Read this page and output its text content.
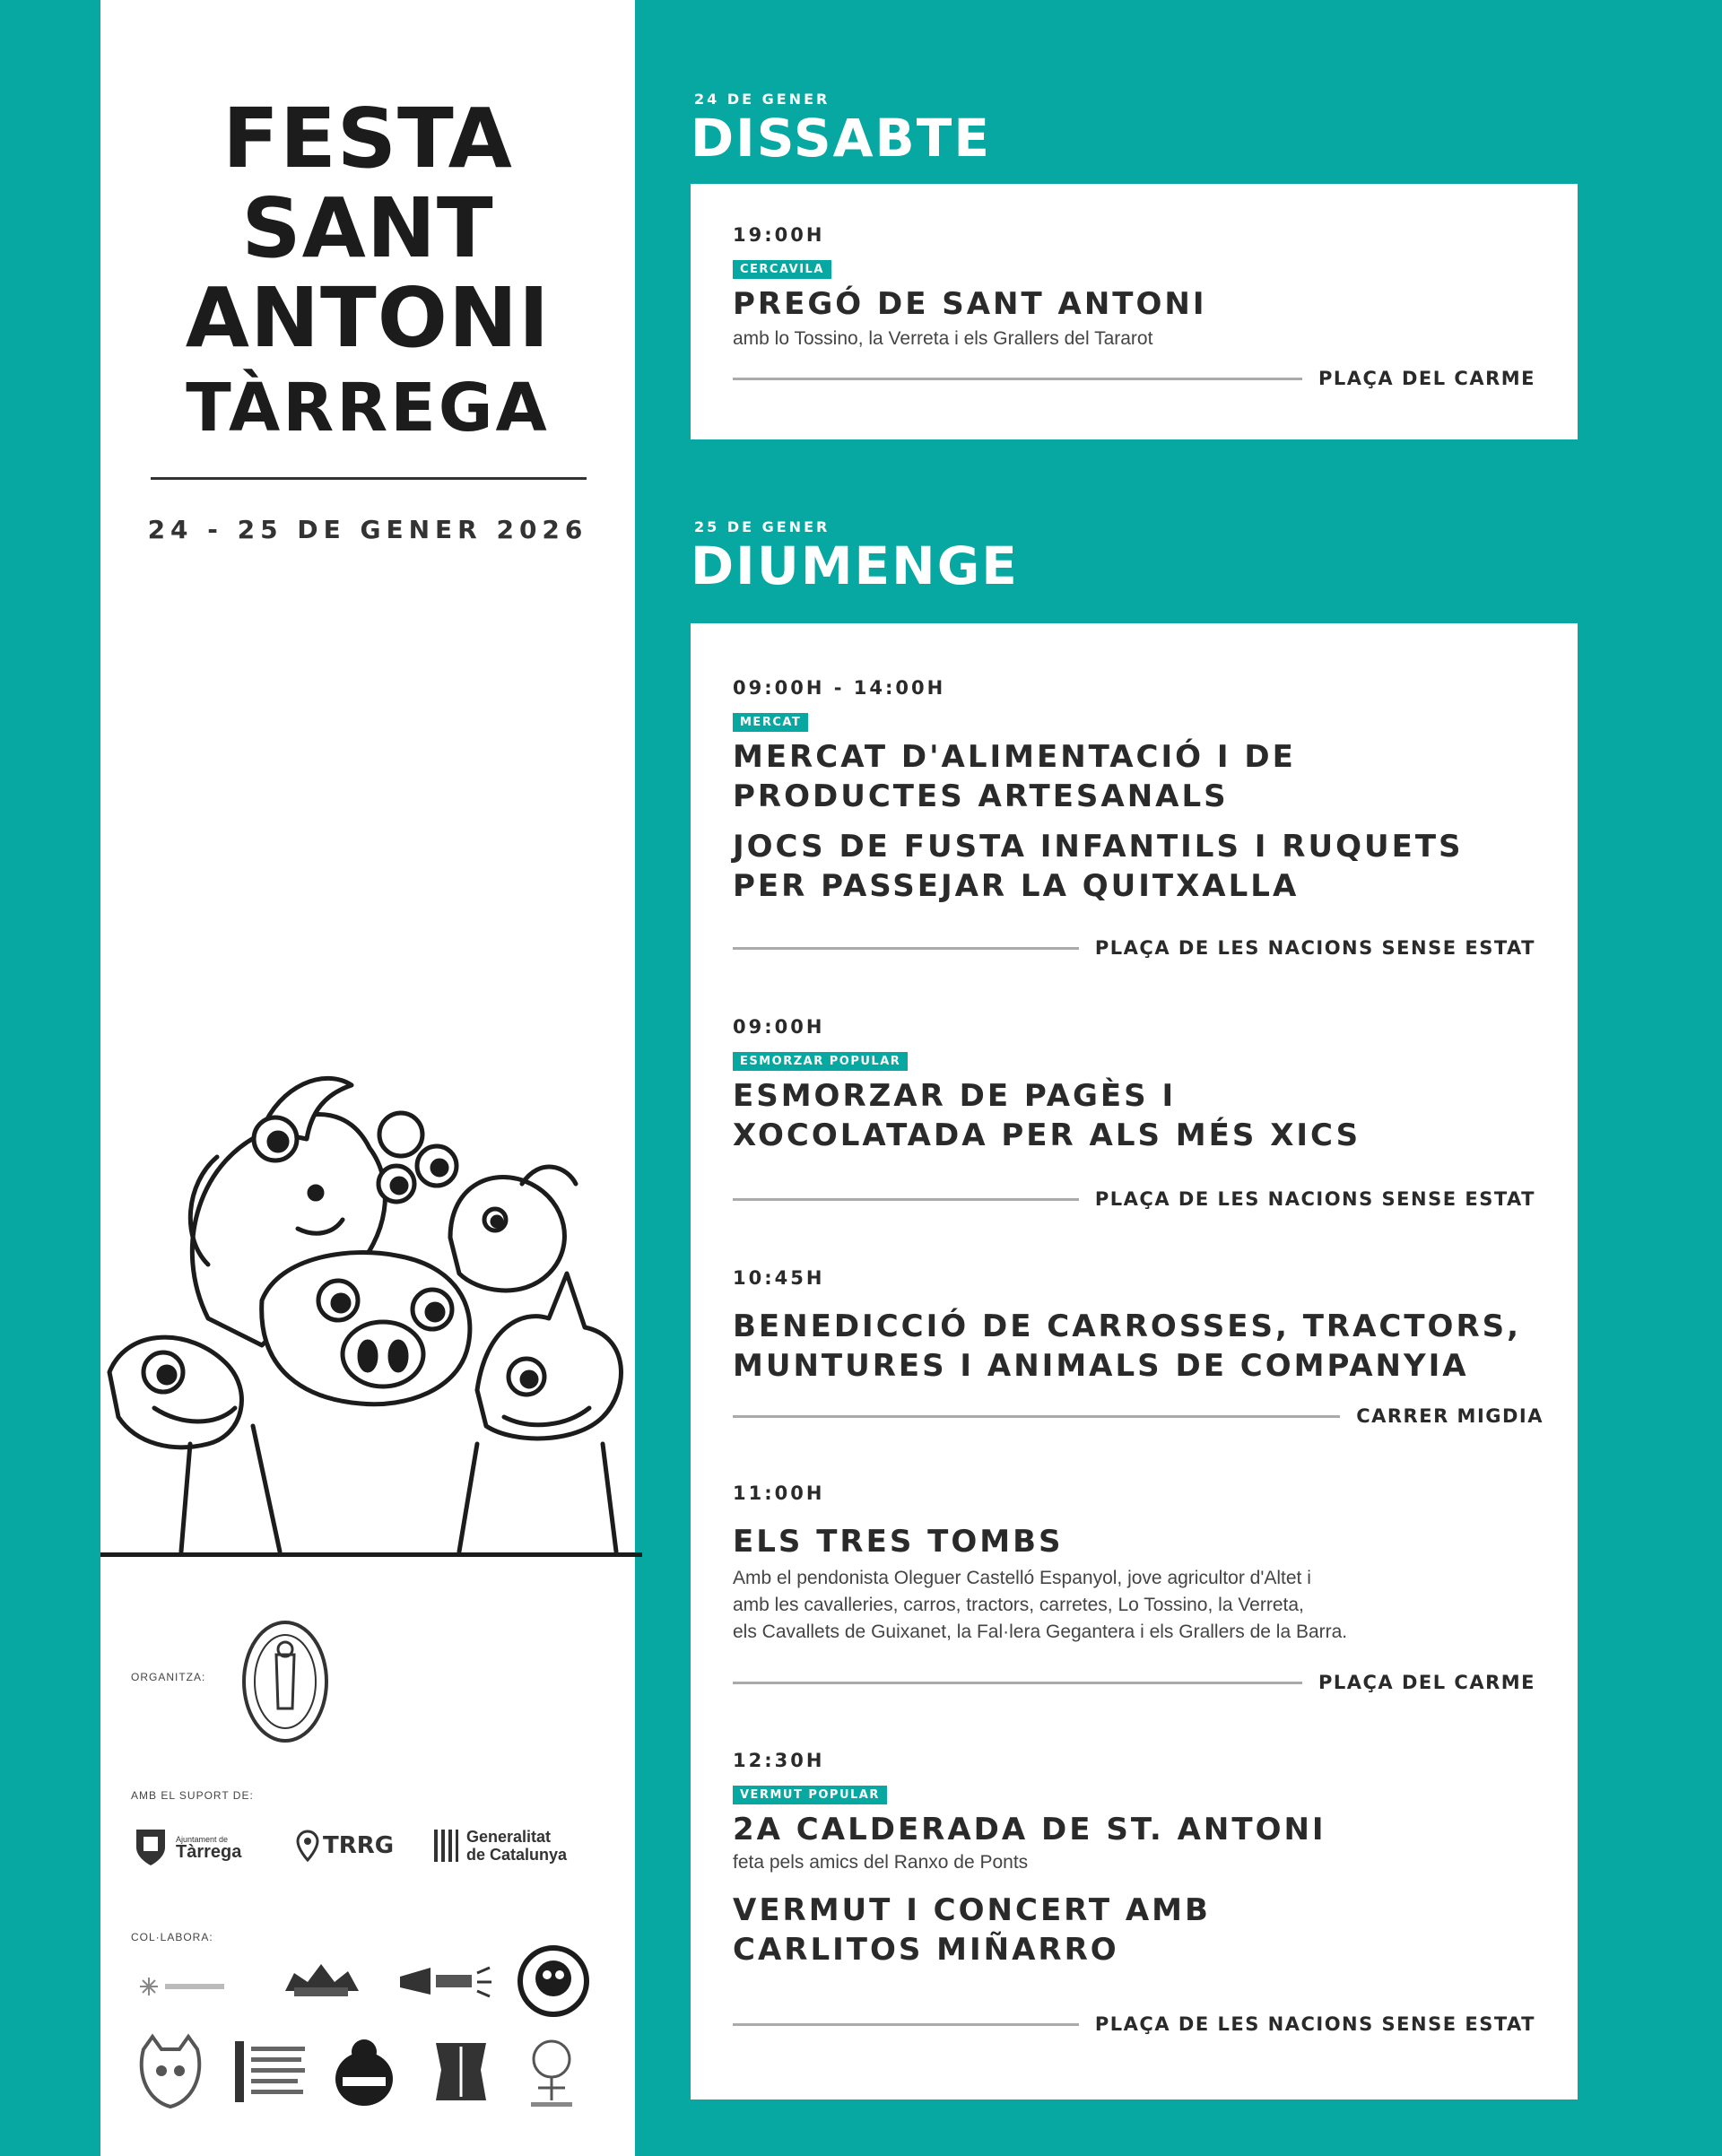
FESTA
SANT
ANTONI
TÀRREGA
24 - 25 DE GENER 2026
ORGANITZA:
AMB EL SUPORT DE:
Ajuntament de
Tàrrega	TRRG	Generalitat
de Catalunya
COL·LABORA:
24 DE GENER
DISSABTE
19:00H
CERCAVILA
PREGÓ DE SANT ANTONI
amb lo Tossino, la Verreta i els Grallers del Tararot
PLAÇA DEL CARME
25 DE GENER
DIUMENGE
09:00H - 14:00H
MERCAT
MERCAT D'ALIMENTACIÓ I DE
PRODUCTES ARTESANALS
JOCS DE FUSTA INFANTILS I RUQUETS
PER PASSEJAR LA QUITXALLA
PLAÇA DE LES NACIONS SENSE ESTAT
09:00H
ESMORZAR POPULAR
ESMORZAR DE PAGÈS I
XOCOLATADA PER ALS MÉS XICS
PLAÇA DE LES NACIONS SENSE ESTAT
10:45H
BENEDICCIÓ DE CARROSSES, TRACTORS,
MUNTURES I ANIMALS DE COMPANYIA
CARRER MIGDIA
11:00H
ELS TRES TOMBS
Amb el pendonista Oleguer Castelló Espanyol, jove agricultor d'Altet i
amb les cavalleries, carros, tractors, carretes, Lo Tossino, la Verreta,
els Cavallets de Guixanet, la Fal·lera Gegantera i els Grallers de la Barra.
PLAÇA DEL CARME
12:30H
VERMUT POPULAR
2A CALDERADA DE ST. ANTONI
feta pels amics del Ranxo de Ponts
VERMUT I CONCERT AMB
CARLITOS MIÑARRO
PLAÇA DE LES NACIONS SENSE ESTAT
